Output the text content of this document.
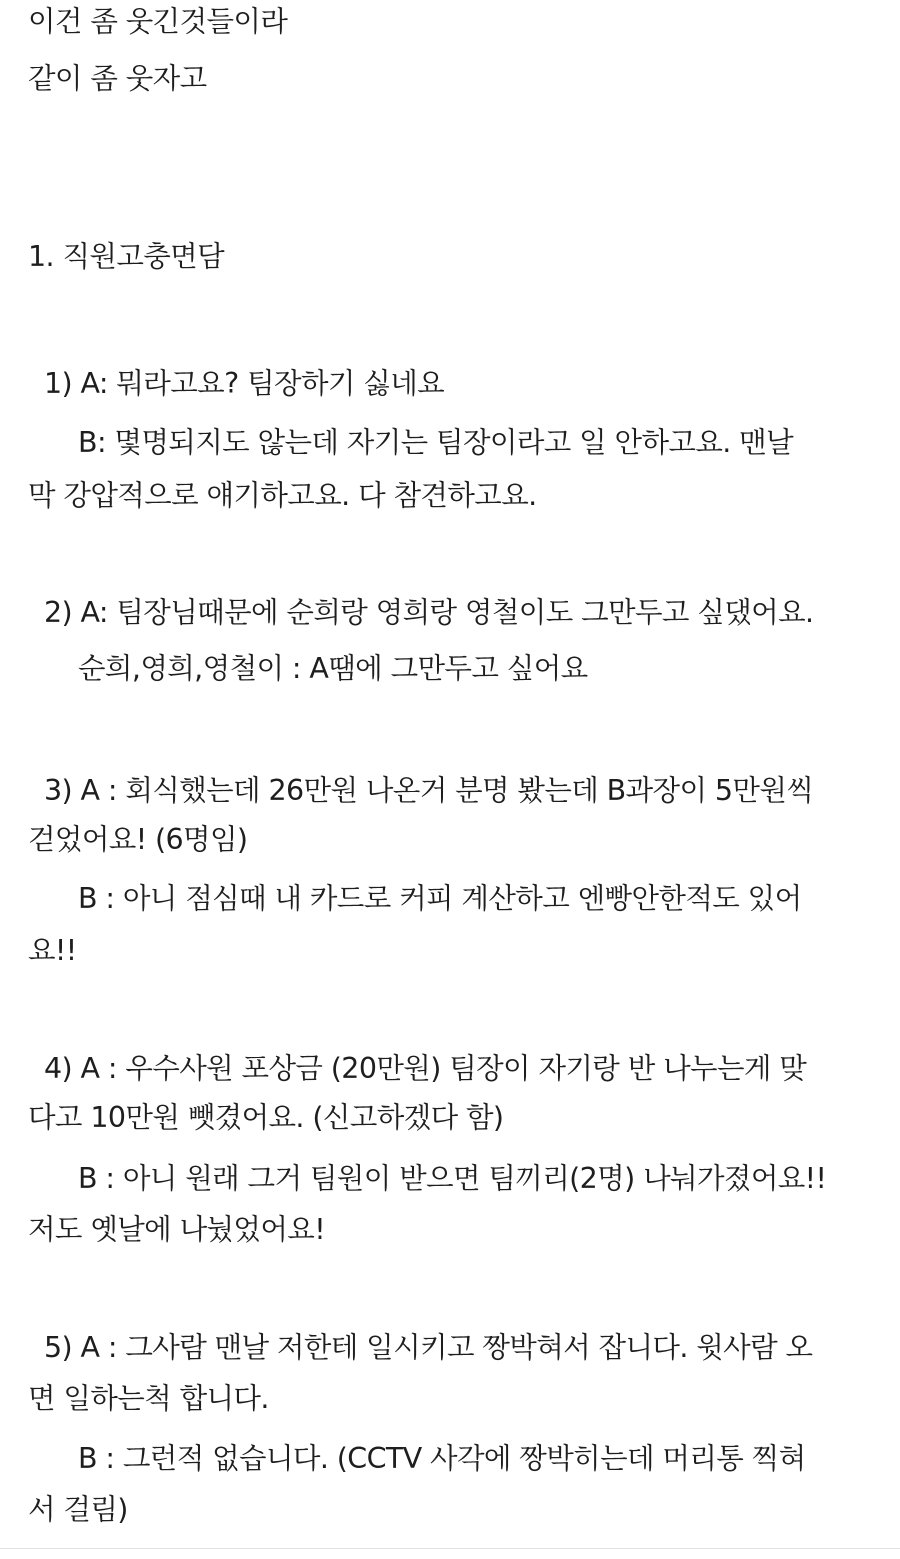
이건 좀 웃긴것들이라
같이 좀 웃자고
1. 직원고충면담
1) A: 뭐라고요? 팀장하기 싫네요
B: 몇명되지도 않는데 자기는 팀장이라고 일 안하고요. 맨날
막 강압적으로 얘기하고요. 다 참견하고요.
2) A: 팀장님때문에 순희랑 영희랑 영철이도 그만두고 싶댔어요.
순희,영희,영철이 : A땜에 그만두고 싶어요
3) A : 회식했는데 26만원 나온거 분명 봤는데 B과장이 5만원씩
걷었어요! (6명임)
B : 아니 점심때 내 카드로 커피 계산하고 엔빵안한적도 있어
요!!
4) A : 우수사원 포상금 (20만원) 팀장이 자기랑 반 나누는게 맞
다고 10만원 뺏겼어요. (신고하겠다 함)
B : 아니 원래 그거 팀원이 받으면 팀끼리(2명) 나눠가졌어요!!
저도 옛날에 나눴었어요!
5) A : 그사람 맨날 저한테 일시키고 짱박혀서 잡니다. 윗사람 오
면 일하는척 합니다.
B : 그런적 없습니다. (CCTV 사각에 짱박히는데 머리통 찍혀
서 걸림)
